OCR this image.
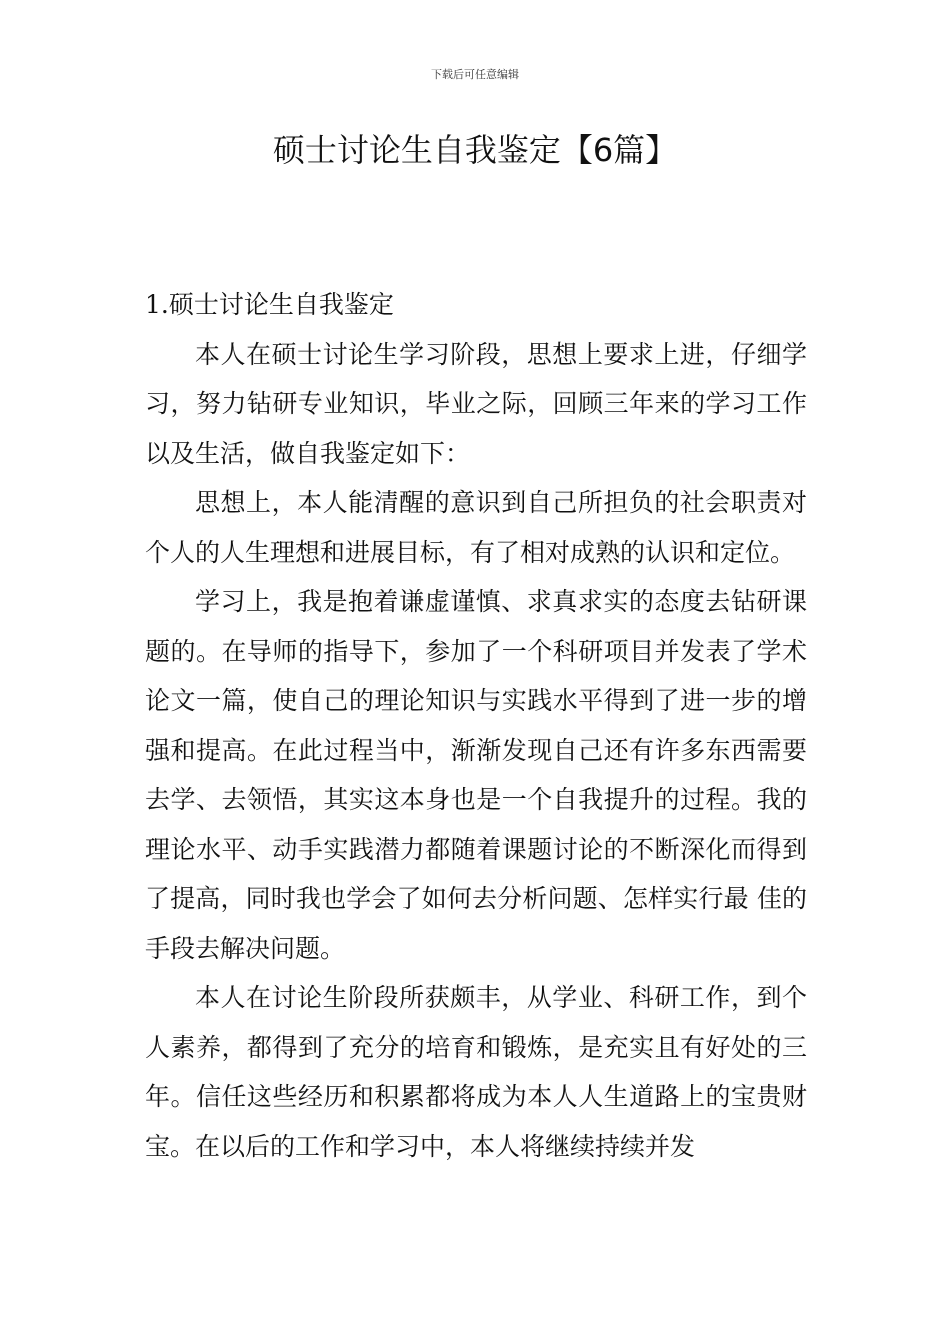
下载后可任意编辑
硕士讨论生自我鉴定【6篇】
1.硕士讨论生自我鉴定

本人在硕士讨论生学习阶段，思想上要求上进，仔细学习，努力钻研专业知识，毕业之际，回顾三年来的学习工作以及生活，做自我鉴定如下：

思想上，本人能清醒的意识到自己所担负的社会职责对个人的人生理想和进展目标，有了相对成熟的认识和定位。

学习上，我是抱着谦虚谨慎、求真求实的态度去钻研课题的。在导师的指导下，参加了一个科研项目并发表了学术论文一篇，使自己的理论知识与实践水平得到了进一步的增强和提高。在此过程当中，渐渐发现自己还有许多东西需要去学、去领悟，其实这本身也是一个自我提升的过程。我的理论水平、动手实践潜力都随着课题讨论的不断深化而得到了提高，同时我也学会了如何去分析问题、怎样实行最 佳的手段去解决问题。

本人在讨论生阶段所获颇丰，从学业、科研工作，到个人素养，都得到了充分的培育和锻炼，是充实且有好处的三年。信任这些经历和积累都将成为本人人生道路上的宝贵财宝。在以后的工作和学习中，本人将继续持续并发
